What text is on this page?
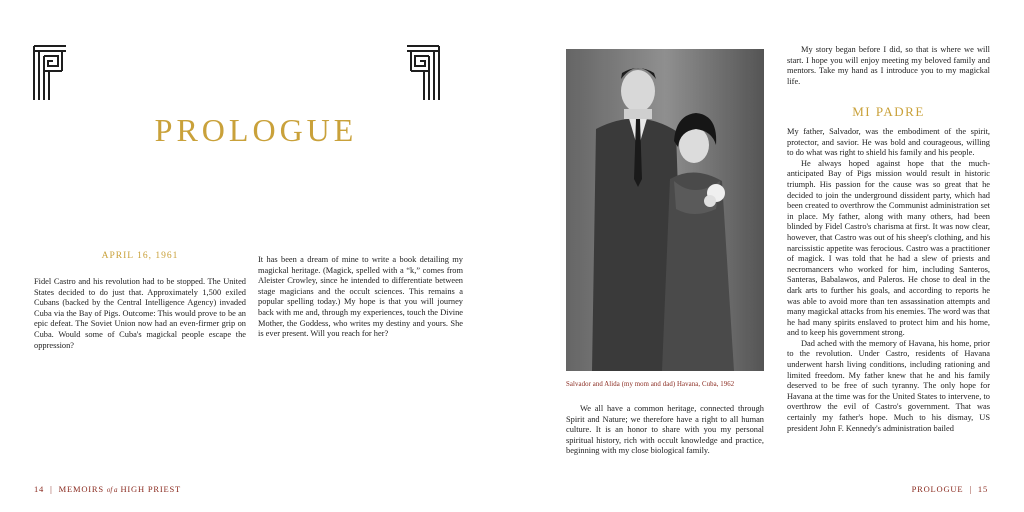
PROLOGUE
APRIL 16, 1961

Fidel Castro and his revolution had to be stopped. The United States decided to do just that. Approximately 1,500 exiled Cubans (backed by the Central Intelligence Agency) invaded Cuba via the Bay of Pigs. Outcome: This would prove to be an epic defeat. The Soviet Union now had an even-firmer grip on Cuba. Would some of Cuba's magickal people escape the oppression?

It has been a dream of mine to write a book detailing my magickal heritage. (Magick, spelled with a “k,” comes from Aleister Crowley, since he intended to differentiate between stage magicians and the occult sciences. This remains a popular spelling today.) My hope is that you will journey back with me and, through my experiences, touch the Divine Mother, the Goddess, who writes my destiny and yours. She is ever present. Will you reach for her?

14 | MEMOIRS of a HIGH PRIEST
Salvador and Alida (my mom and dad) Havana, Cuba, 1962

We all have a common heritage, connected through Spirit and Nature; we therefore have a right to all human culture. It is an honor to share with you my personal spiritual history, rich with occult knowledge and practice, beginning with my close biological family.

My story began before I did, so that is where we will start. I hope you will enjoy meeting my beloved family and mentors. Take my hand as I introduce you to my magickal life.

MI PADRE

My father, Salvador, was the embodiment of the spirit, protector, and savior. He was bold and courageous, willing to do what was right to shield his family and his people.

He always hoped against hope that the much-anticipated Bay of Pigs mission would result in historic triumph. His passion for the cause was so great that he decided to join the underground dissident party, which had been created to overthrow the Communist administration set in place. My father, along with many others, had been blinded by Fidel Castro's charisma at first. It was now clear, however, that Castro was out of his sheep's clothing, and his narcissistic appetite was ferocious. Castro was a practitioner of magick. I was told that he had a slew of priests and necromancers who worked for him, including Santeros, Santeras, Babalawos, and Paleros. He chose to deal in the dark arts to further his goals, and according to reports he was able to avoid more than ten assassination attempts and many magickal attacks from his enemies. The word was that he had many spirits enslaved to protect him and his home, and to keep his government strong.

Dad ached with the memory of Havana, his home, prior to the revolution. Under Castro, residents of Havana underwent harsh living conditions, including rationing and limited freedom. My father knew that he and his family deserved to be free of such tyranny. The only hope for Havana at the time was for the United States to intervene, to overthrow the evil of Castro's government. That was certainly my father's hope. Much to his dismay, US president John F. Kennedy's administration bailed

PROLOGUE | 15
